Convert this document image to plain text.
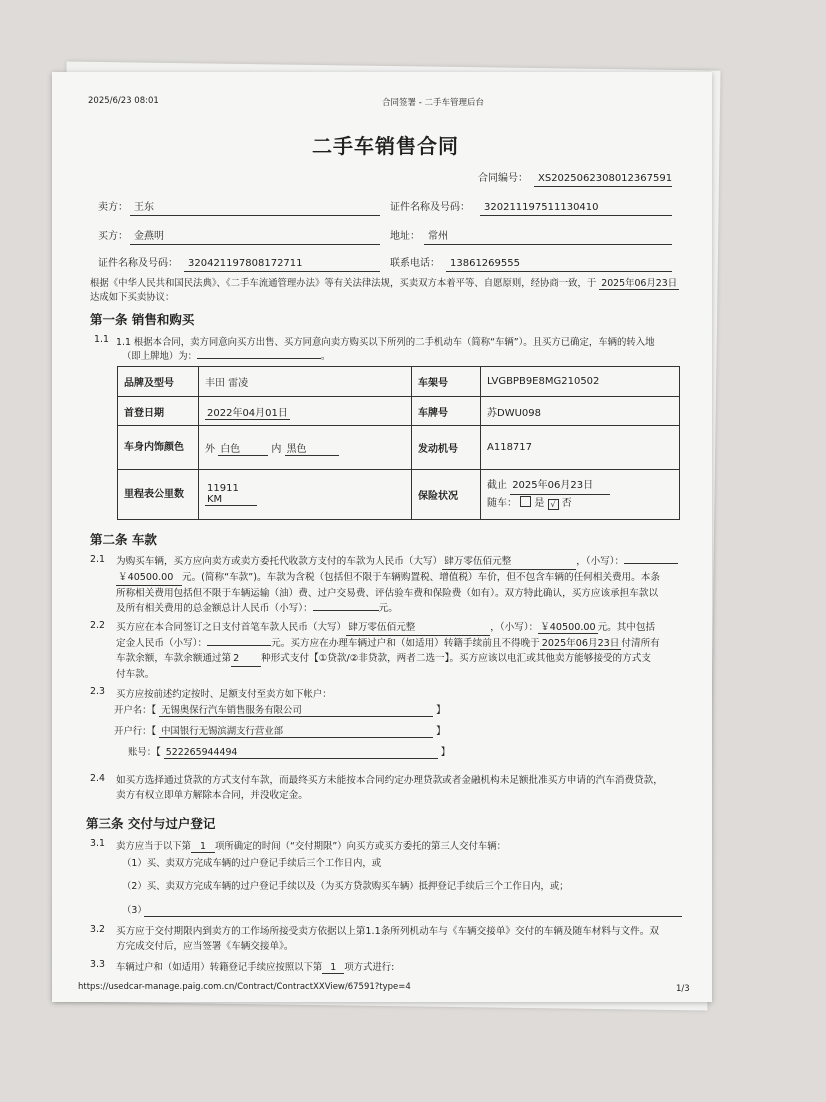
2025/6/23 08:01	合同签署 - 二手车管理后台
二手车销售合同
合同编号： XS2025062308012367591
卖方： 王东	证件名称及号码： 320211197511130410
买方： 金燕明	地址： 常州
证件名称及号码： 320421197808172711	联系电话： 13861269555
根据《中华人民共和国民法典》、《二手车流通管理办法》等有关法律法规，买卖双方本着平等、自愿原则，经协商一致，于 2025年06月23日
达成如下买卖协议：
第一条 销售和购买
1.1 1.1 根据本合同，卖方同意向买方出售、买方同意向卖方购买以下所列的二手机动车（简称“车辆”）。且买方已确定，车辆的转入地
（即上牌地）为：	。
品牌及型号	丰田 雷凌	车架号	LVGBPB9E8MG210502
首登日期	2022年04月01日	车牌号	苏DWU098
车身内饰颜色	外 白色 内 黑色	发动机号	A118717
里程表公里数	11911 KM	保险状况	截止 2025年06月23日
随车： 是 √ 否
第二条 车款
2.1 为购买车辆，买方应向卖方或卖方委托代收款方支付的车款为人民币（大写） 肆万零伍佰元整	，（小写）：
￥40500.00 元。(简称“车款”)。车款为含税（包括但不限于车辆购置税、增值税）车价，但不包含车辆的任何相关费用。本条
所称相关费用包括但不限于车辆运输（油）费、过户交易费、评估验车费和保险费（如有）。双方特此确认，买方应该承担车款以
及所有相关费用的总金额总计人民币（小写）：	元。
2.2 买方应在本合同签订之日支付首笔车款人民币（大写） 肆万零伍佰元整	，（小写）： ￥40500.00 元。其中包括
定金人民币（小写）：	元。买方应在办理车辆过户和（如适用）转籍手续前且不得晚于 2025年06月23日 付清所有
车款余额，车款余额通过第 2 种形式支付【①贷款/②非贷款，两者二选一】。买方应该以电汇或其他卖方能够接受的方式支
付车款。
2.3 买方应按前述约定按时、足额支付至卖方如下帐户：
开户名：【 无锡奥保行汽车销售服务有限公司	】
开户行：【 中国银行无锡滨湖支行营业部	】
账号：【 522265944494	】
2.4 如买方选择通过贷款的方式支付车款，而最终买方未能按本合同约定办理贷款或者金融机构未足额批准买方申请的汽车消费贷款，
卖方有权立即单方解除本合同，并没收定金。
第三条 交付与过户登记
3.1 卖方应当于以下第 1 项所确定的时间（“交付期限”）向买方或买方委托的第三人交付车辆：
（1）买、卖双方完成车辆的过户登记手续后三个工作日内，或
（2）买、卖双方完成车辆的过户登记手续以及（为买方贷款购买车辆）抵押登记手续后三个工作日内，或；
（3）
3.2 买方应于交付期限内到卖方的工作场所接受卖方依据以上第1.1条所列机动车与《车辆交接单》交付的车辆及随车材料与文件。双
方完成交付后，应当签署《车辆交接单》。
3.3 车辆过户和（如适用）转籍登记手续应按照以下第 1 项方式进行:
https://usedcar-manage.paig.com.cn/Contract/ContractXXView/67591?type=4	1/3
